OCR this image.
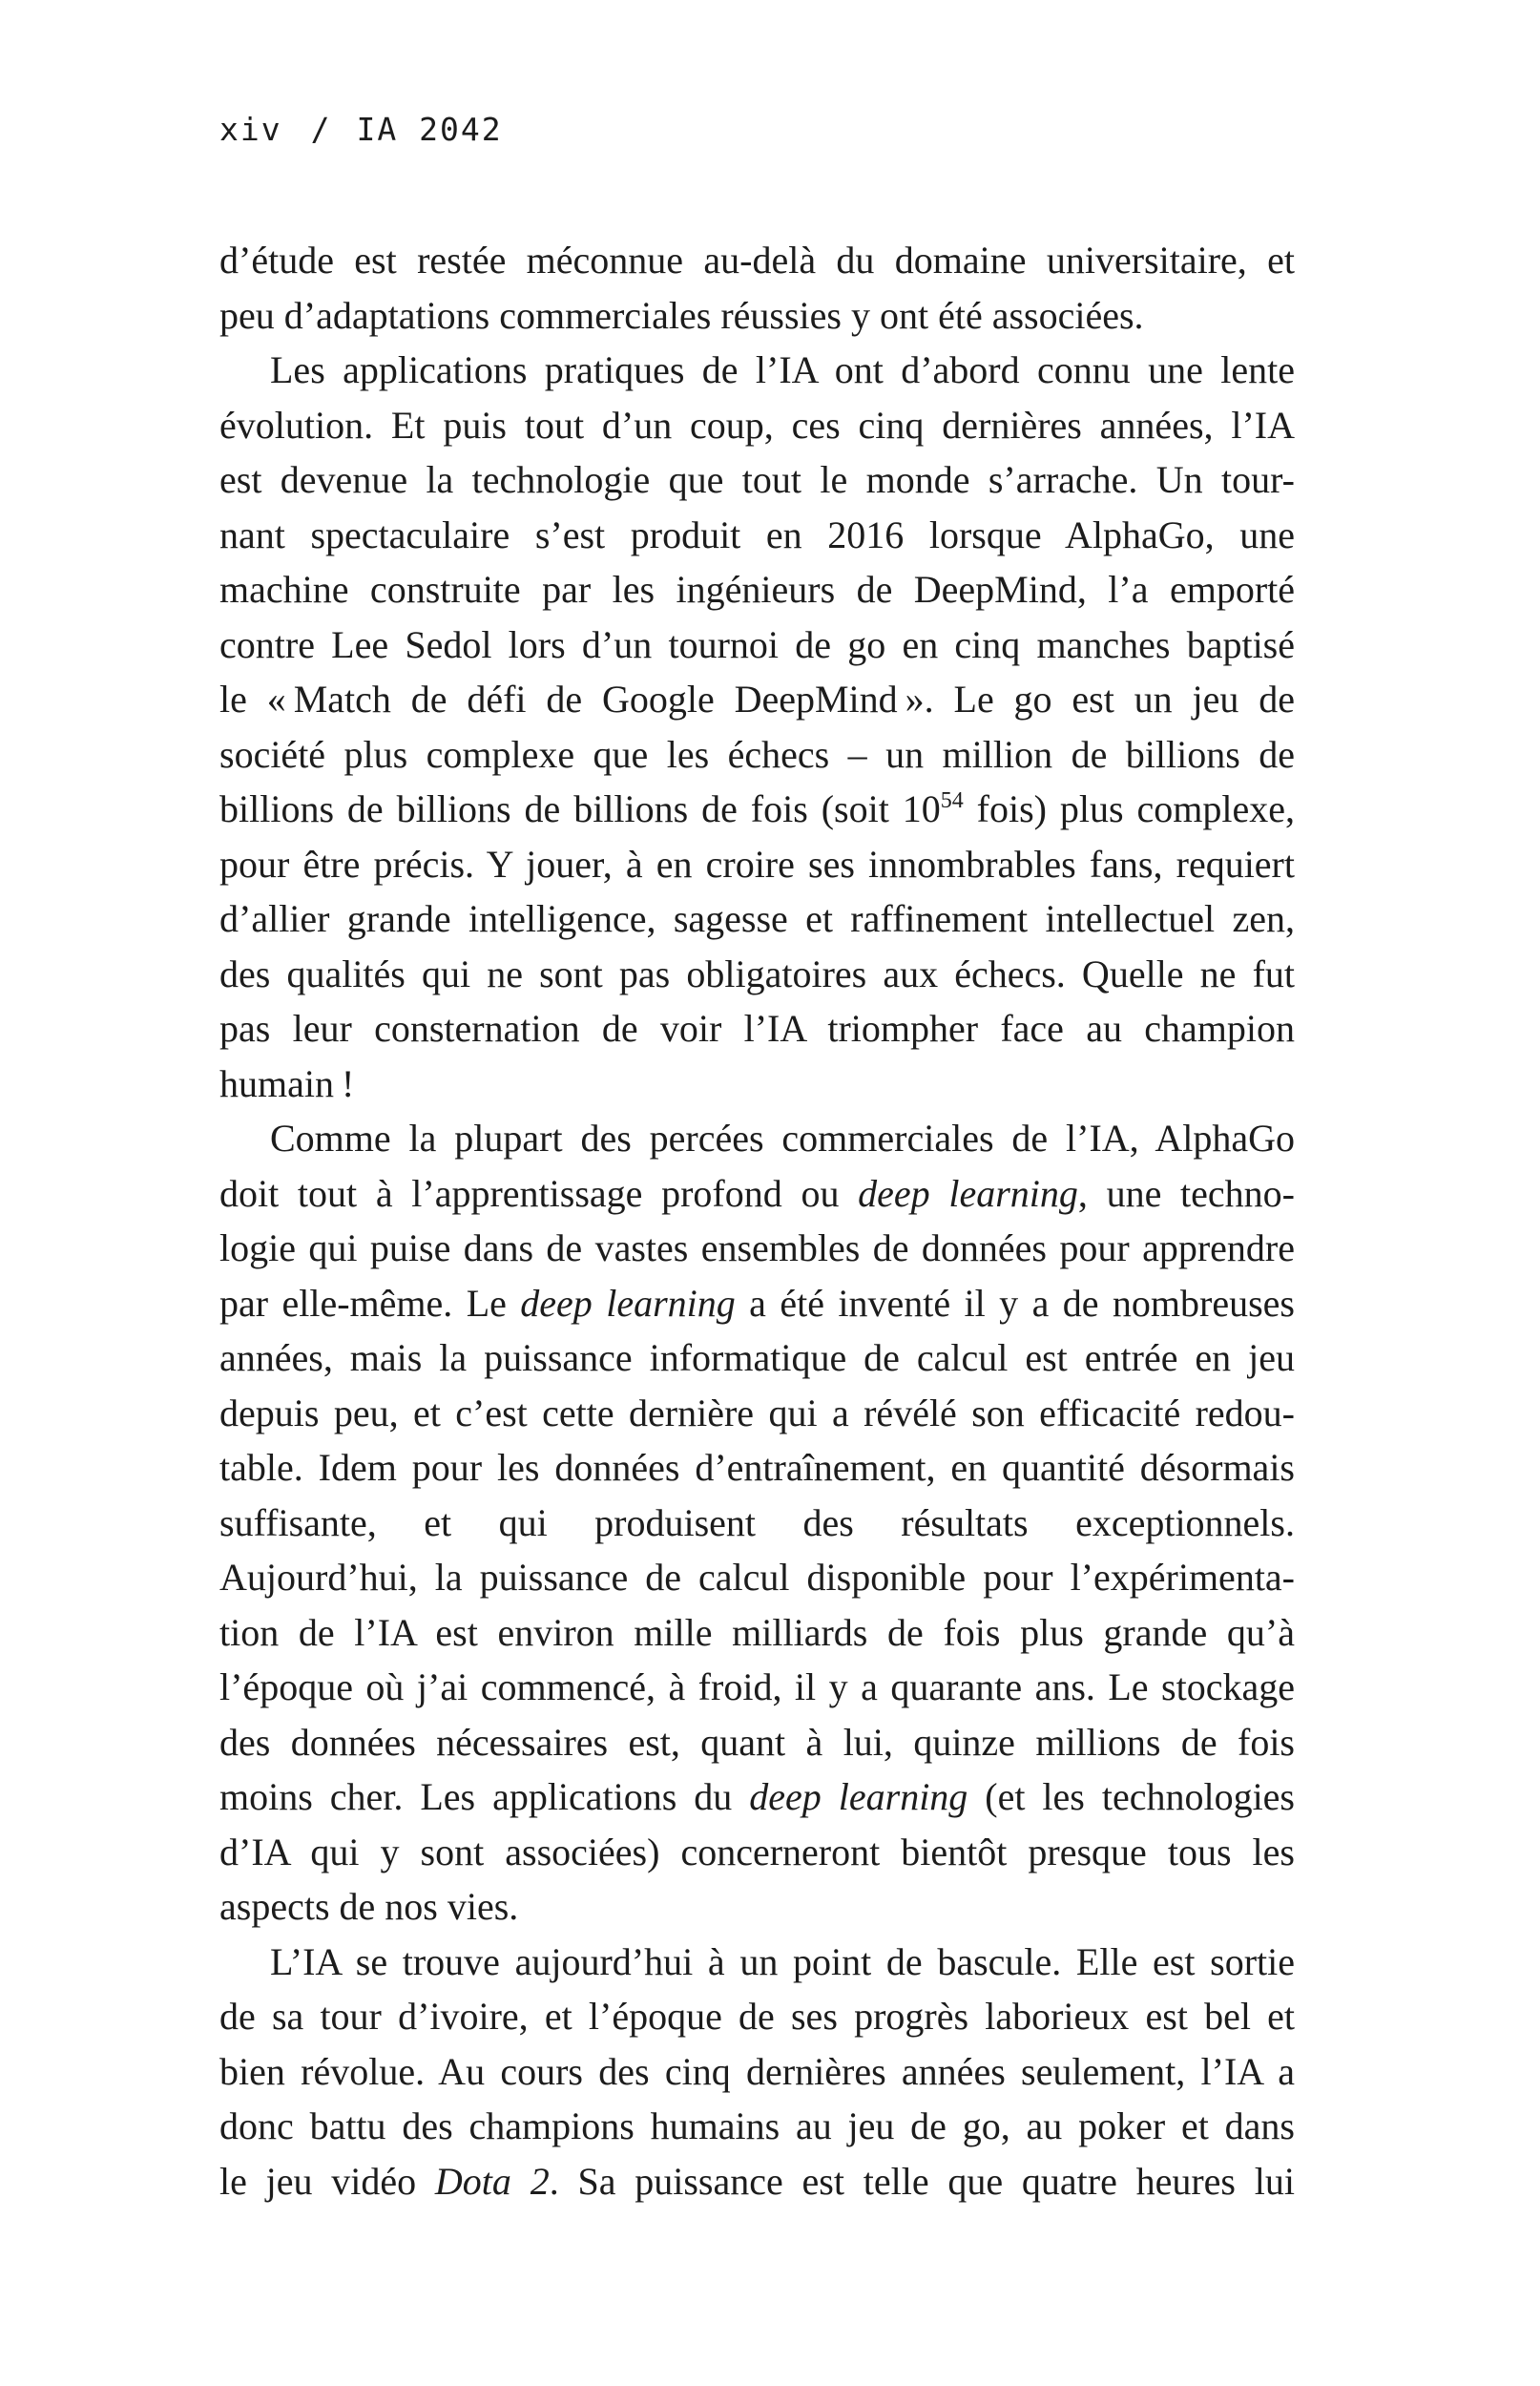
xiv / IA 2042
d’étude est restée méconnue au-delà du domaine universitaire, et
peu d’adaptations commerciales réussies y ont été associées.
Les applications pratiques de l’IA ont d’abord connu une lente
évolution. Et puis tout d’un coup, ces cinq dernières années, l’IA
est devenue la technologie que tout le monde s’arrache. Un tour-
nant spectaculaire s’est produit en 2016 lorsque AlphaGo, une
machine construite par les ingénieurs de DeepMind, l’a emporté
contre Lee Sedol lors d’un tournoi de go en cinq manches baptisé
le « Match de défi de Google DeepMind ». Le go est un jeu de
société plus complexe que les échecs – un million de billions de
billions de billions de billions de fois (soit $10^{54}$ fois) plus complexe,
pour être précis. Y jouer, à en croire ses innombrables fans, requiert
d’allier grande intelligence, sagesse et raffinement intellectuel zen,
des qualités qui ne sont pas obligatoires aux échecs. Quelle ne fut
pas leur consternation de voir l’IA triompher face au champion
humain !
Comme la plupart des percées commerciales de l’IA, AlphaGo
doit tout à l’apprentissage profond ou deep learning, une techno-
logie qui puise dans de vastes ensembles de données pour apprendre
par elle-même. Le deep learning a été inventé il y a de nombreuses
années, mais la puissance informatique de calcul est entrée en jeu
depuis peu, et c’est cette dernière qui a révélé son efficacité redou-
table. Idem pour les données d’entraînement, en quantité désormais
suffisante, et qui produisent des résultats exceptionnels.
Aujourd’hui, la puissance de calcul disponible pour l’expérimenta-
tion de l’IA est environ mille milliards de fois plus grande qu’à
l’époque où j’ai commencé, à froid, il y a quarante ans. Le stockage
des données nécessaires est, quant à lui, quinze millions de fois
moins cher. Les applications du deep learning (et les technologies
d’IA qui y sont associées) concerneront bientôt presque tous les
aspects de nos vies.
L’IA se trouve aujourd’hui à un point de bascule. Elle est sortie
de sa tour d’ivoire, et l’époque de ses progrès laborieux est bel et
bien révolue. Au cours des cinq dernières années seulement, l’IA a
donc battu des champions humains au jeu de go, au poker et dans
le jeu vidéo Dota 2. Sa puissance est telle que quatre heures lui
